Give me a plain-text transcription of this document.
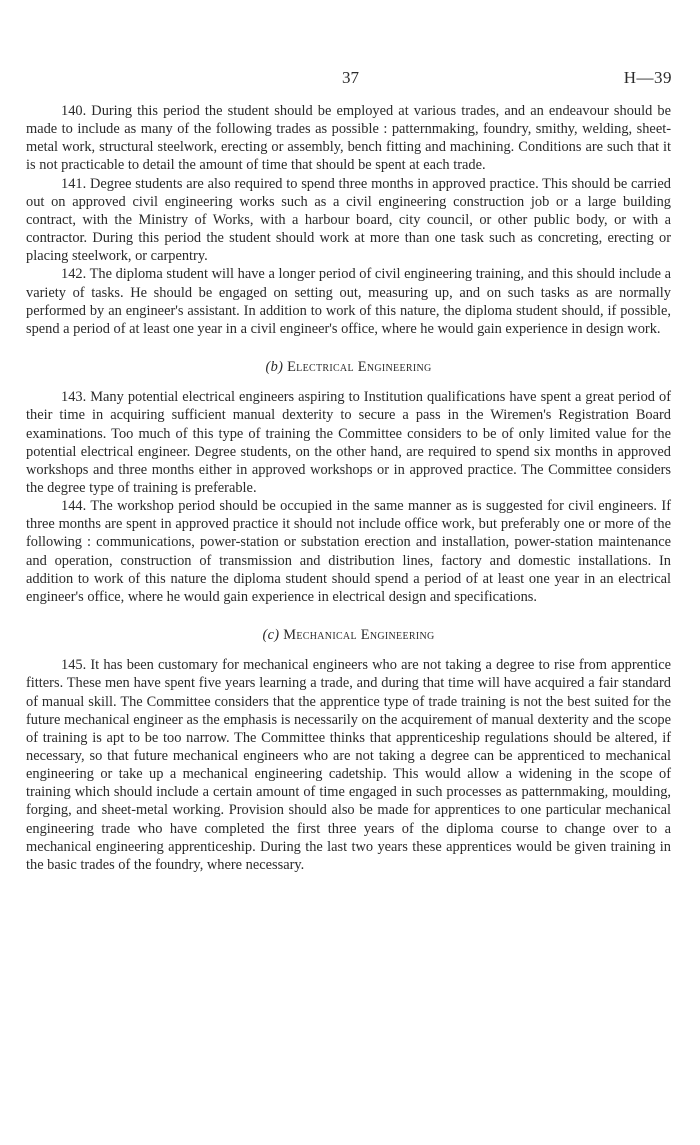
37	H—39

140. During this period the student should be employed at various trades, and an endeavour should be made to include as many of the following trades as possible : patternmaking, foundry, smithy, welding, sheet-metal work, structural steelwork, erecting or assembly, bench fitting and machining. Conditions are such that it is not practicable to detail the amount of time that should be spent at each trade.

141. Degree students are also required to spend three months in approved practice. This should be carried out on approved civil engineering works such as a civil engineering construction job or a large building contract, with the Ministry of Works, with a harbour board, city council, or other public body, or with a contractor. During this period the student should work at more than one task such as concreting, erecting or placing steelwork, or carpentry.

142. The diploma student will have a longer period of civil engineering training, and this should include a variety of tasks. He should be engaged on setting out, measuring up, and on such tasks as are normally performed by an engineer's assistant. In addition to work of this nature, the diploma student should, if possible, spend a period of at least one year in a civil engineer's office, where he would gain experience in design work.

(b) Electrical Engineering

143. Many potential electrical engineers aspiring to Institution qualifications have spent a great period of their time in acquiring sufficient manual dexterity to secure a pass in the Wiremen's Registration Board examinations. Too much of this type of training the Committee considers to be of only limited value for the potential electrical engineer. Degree students, on the other hand, are required to spend six months in approved workshops and three months either in approved workshops or in approved practice. The Committee considers the degree type of training is preferable.

144. The workshop period should be occupied in the same manner as is suggested for civil engineers. If three months are spent in approved practice it should not include office work, but preferably one or more of the following : communications, power-station or substation erection and installation, power-station maintenance and operation, construction of transmission and distribution lines, factory and domestic installations. In addition to work of this nature the diploma student should spend a period of at least one year in an electrical engineer's office, where he would gain experience in electrical design and specifications.

(c) Mechanical Engineering

145. It has been customary for mechanical engineers who are not taking a degree to rise from apprentice fitters. These men have spent five years learning a trade, and during that time will have acquired a fair standard of manual skill. The Committee considers that the apprentice type of trade training is not the best suited for the future mechanical engineer as the emphasis is necessarily on the acquirement of manual dexterity and the scope of training is apt to be too narrow. The Committee thinks that apprenticeship regulations should be altered, if necessary, so that future mechanical engineers who are not taking a degree can be apprenticed to mechanical engineering or take up a mechanical engineering cadetship. This would allow a widening in the scope of training which should include a certain amount of time engaged in such processes as patternmaking, moulding, forging, and sheet-metal working. Provision should also be made for apprentices to one particular mechanical engineering trade who have completed the first three years of the diploma course to change over to a mechanical engineering apprenticeship. During the last two years these apprentices would be given training in the basic trades of the foundry, where necessary.
